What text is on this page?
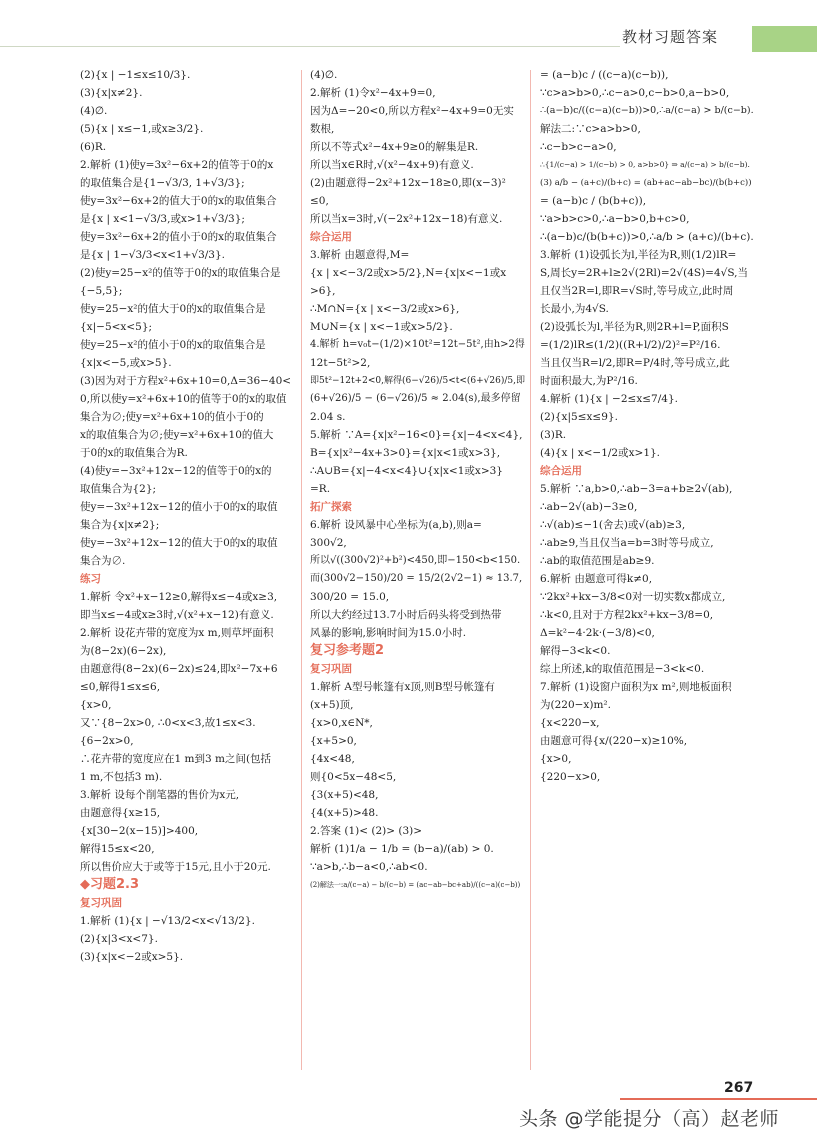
教材习题答案

(2){x | −1≤x≤10/3}.

(3){x|x≠2}.

(4)∅.

(5){x | x≤−1,或x≥3/2}.

(6)R.

2.解析 (1)使y=3x²−6x+2的值等于0的x

的取值集合是{1−√3/3, 1+√3/3};

使y=3x²−6x+2的值大于0的x的取值集合

是{x | x<1−√3/3,或x>1+√3/3};

使y=3x²−6x+2的值小于0的x的取值集合

是{x | 1−√3/3<x<1+√3/3}.

(2)使y=25−x²的值等于0的x的取值集合是

{−5,5};

使y=25−x²的值大于0的x的取值集合是

{x|−5<x<5};

使y=25−x²的值小于0的x的取值集合是

{x|x<−5,或x>5}.

(3)因为对于方程x²+6x+10=0,Δ=36−40<

0,所以使y=x²+6x+10的值等于0的x的取值

集合为∅;使y=x²+6x+10的值小于0的

x的取值集合为∅;使y=x²+6x+10的值大

于0的x的取值集合为R.

(4)使y=−3x²+12x−12的值等于0的x的

取值集合为{2};

使y=−3x²+12x−12的值小于0的x的取值

集合为{x|x≠2};

使y=−3x²+12x−12的值大于0的x的取值

集合为∅.

练习

1.解析 令x²+x−12≥0,解得x≤−4或x≥3,

即当x≤−4或x≥3时,√(x²+x−12)有意义.

2.解析 设花卉带的宽度为x m,则草坪面积

为(8−2x)(6−2x),

由题意得(8−2x)(6−2x)≤24,即x²−7x+6

≤0,解得1≤x≤6,

{x>0,

又∵{8−2x>0, ∴0<x<3,故1≤x<3.

{6−2x>0,

∴花卉带的宽度应在1 m到3 m之间(包括

1 m,不包括3 m).

3.解析 设每个削笔器的售价为x元,

由题意得{x≥15,

{x[30−2(x−15)]>400,

解得15≤x<20,

所以售价应大于或等于15元,且小于20元.

◆习题2.3

复习巩固

1.解析 (1){x | −√13/2<x<√13/2}.

(2){x|3<x<7}.

(3){x|x<−2或x>5}.

(4)∅.

2.解析 (1)令x²−4x+9=0,

因为Δ=−20<0,所以方程x²−4x+9=0无实

数根,

所以不等式x²−4x+9≥0的解集是R.

所以当x∈R时,√(x²−4x+9)有意义.

(2)由题意得−2x²+12x−18≥0,即(x−3)²

≤0,

所以当x=3时,√(−2x²+12x−18)有意义.

综合运用

3.解析 由题意得,M=

{x | x<−3/2或x>5/2},N={x|x<−1或x

>6},

∴M∩N={x | x<−3/2或x>6},

M∪N={x | x<−1或x>5/2}.

4.解析 h=v₀t−(1/2)×10t²=12t−5t²,由h>2得

12t−5t²>2,

即5t²−12t+2<0,解得(6−√26)/5<t<(6+√26)/5,即

(6+√26)/5 − (6−√26)/5 ≈ 2.04(s),最多停留

2.04 s.

5.解析 ∵A={x|x²−16<0}={x|−4<x<4},

B={x|x²−4x+3>0}={x|x<1或x>3},

∴A∪B={x|−4<x<4}∪{x|x<1或x>3}

=R.

拓广探索

6.解析 设风暴中心坐标为(a,b),则a=

300√2,

所以√((300√2)²+b²)<450,即−150<b<150.

而(300√2−150)/20 = 15/2(2√2−1) ≈ 13.7,

300/20 = 15.0,

所以大约经过13.7小时后码头将受到热带

风暴的影响,影响时间为15.0小时.

复习参考题2

复习巩固

1.解析 A型号帐篷有x顶,则B型号帐篷有

(x+5)顶,

{x>0,x∈N*,

{x+5>0,

{4x<48,

则{0<5x−48<5,

{3(x+5)<48,

{4(x+5)>48.

2.答案 (1)< (2)> (3)>

解析 (1)1/a − 1/b = (b−a)/(ab) > 0.

∵a>b,∴b−a<0,∴ab<0.

(2)解法一:a/(c−a) − b/(c−b) = (ac−ab−bc+ab)/((c−a)(c−b))

= (a−b)c / ((c−a)(c−b)),

∵c>a>b>0,∴c−a>0,c−b>0,a−b>0,

∴(a−b)c/((c−a)(c−b))>0,∴a/(c−a) > b/(c−b).

解法二:∵c>a>b>0,

∴c−b>c−a>0,

∴{1/(c−a) > 1/(c−b) > 0, a>b>0} ⇒ a/(c−a) > b/(c−b).

(3) a/b − (a+c)/(b+c) = (ab+ac−ab−bc)/(b(b+c))

= (a−b)c / (b(b+c)),

∵a>b>c>0,∴a−b>0,b+c>0,

∴(a−b)c/(b(b+c))>0,∴a/b > (a+c)/(b+c).

3.解析 (1)设弧长为l,半径为R,则(1/2)lR=

S,周长y=2R+l≥2√(2Rl)=2√(4S)=4√S,当

且仅当2R=l,即R=√S时,等号成立,此时周

长最小,为4√S.

(2)设弧长为l,半径为R,则2R+l=P,面积S

=(1/2)lR≤(1/2)((R+l/2)/2)²=P²/16.

当且仅当R=l/2,即R=P/4时,等号成立,此

时面积最大,为P²/16.

4.解析 (1){x | −2≤x≤7/4}.

(2){x|5≤x≤9}.

(3)R.

(4){x | x<−1/2或x>1}.

综合运用

5.解析 ∵a,b>0,∴ab−3=a+b≥2√(ab),

∴ab−2√(ab)−3≥0,

∴√(ab)≤−1(舍去)或√(ab)≥3,

∴ab≥9,当且仅当a=b=3时等号成立,

∴ab的取值范围是ab≥9.

6.解析 由题意可得k≠0,

∵2kx²+kx−3/8<0对一切实数x都成立,

∴k<0,且对于方程2kx²+kx−3/8=0,

Δ=k²−4·2k·(−3/8)<0,

解得−3<k<0.

综上所述,k的取值范围是−3<k<0.

7.解析 (1)设窗户面积为x m²,则地板面积

为(220−x)m².

{x<220−x,

由题意可得{x/(220−x)≥10%,

{x>0,

{220−x>0,

267
头条 @学能提分（高）赵老师
